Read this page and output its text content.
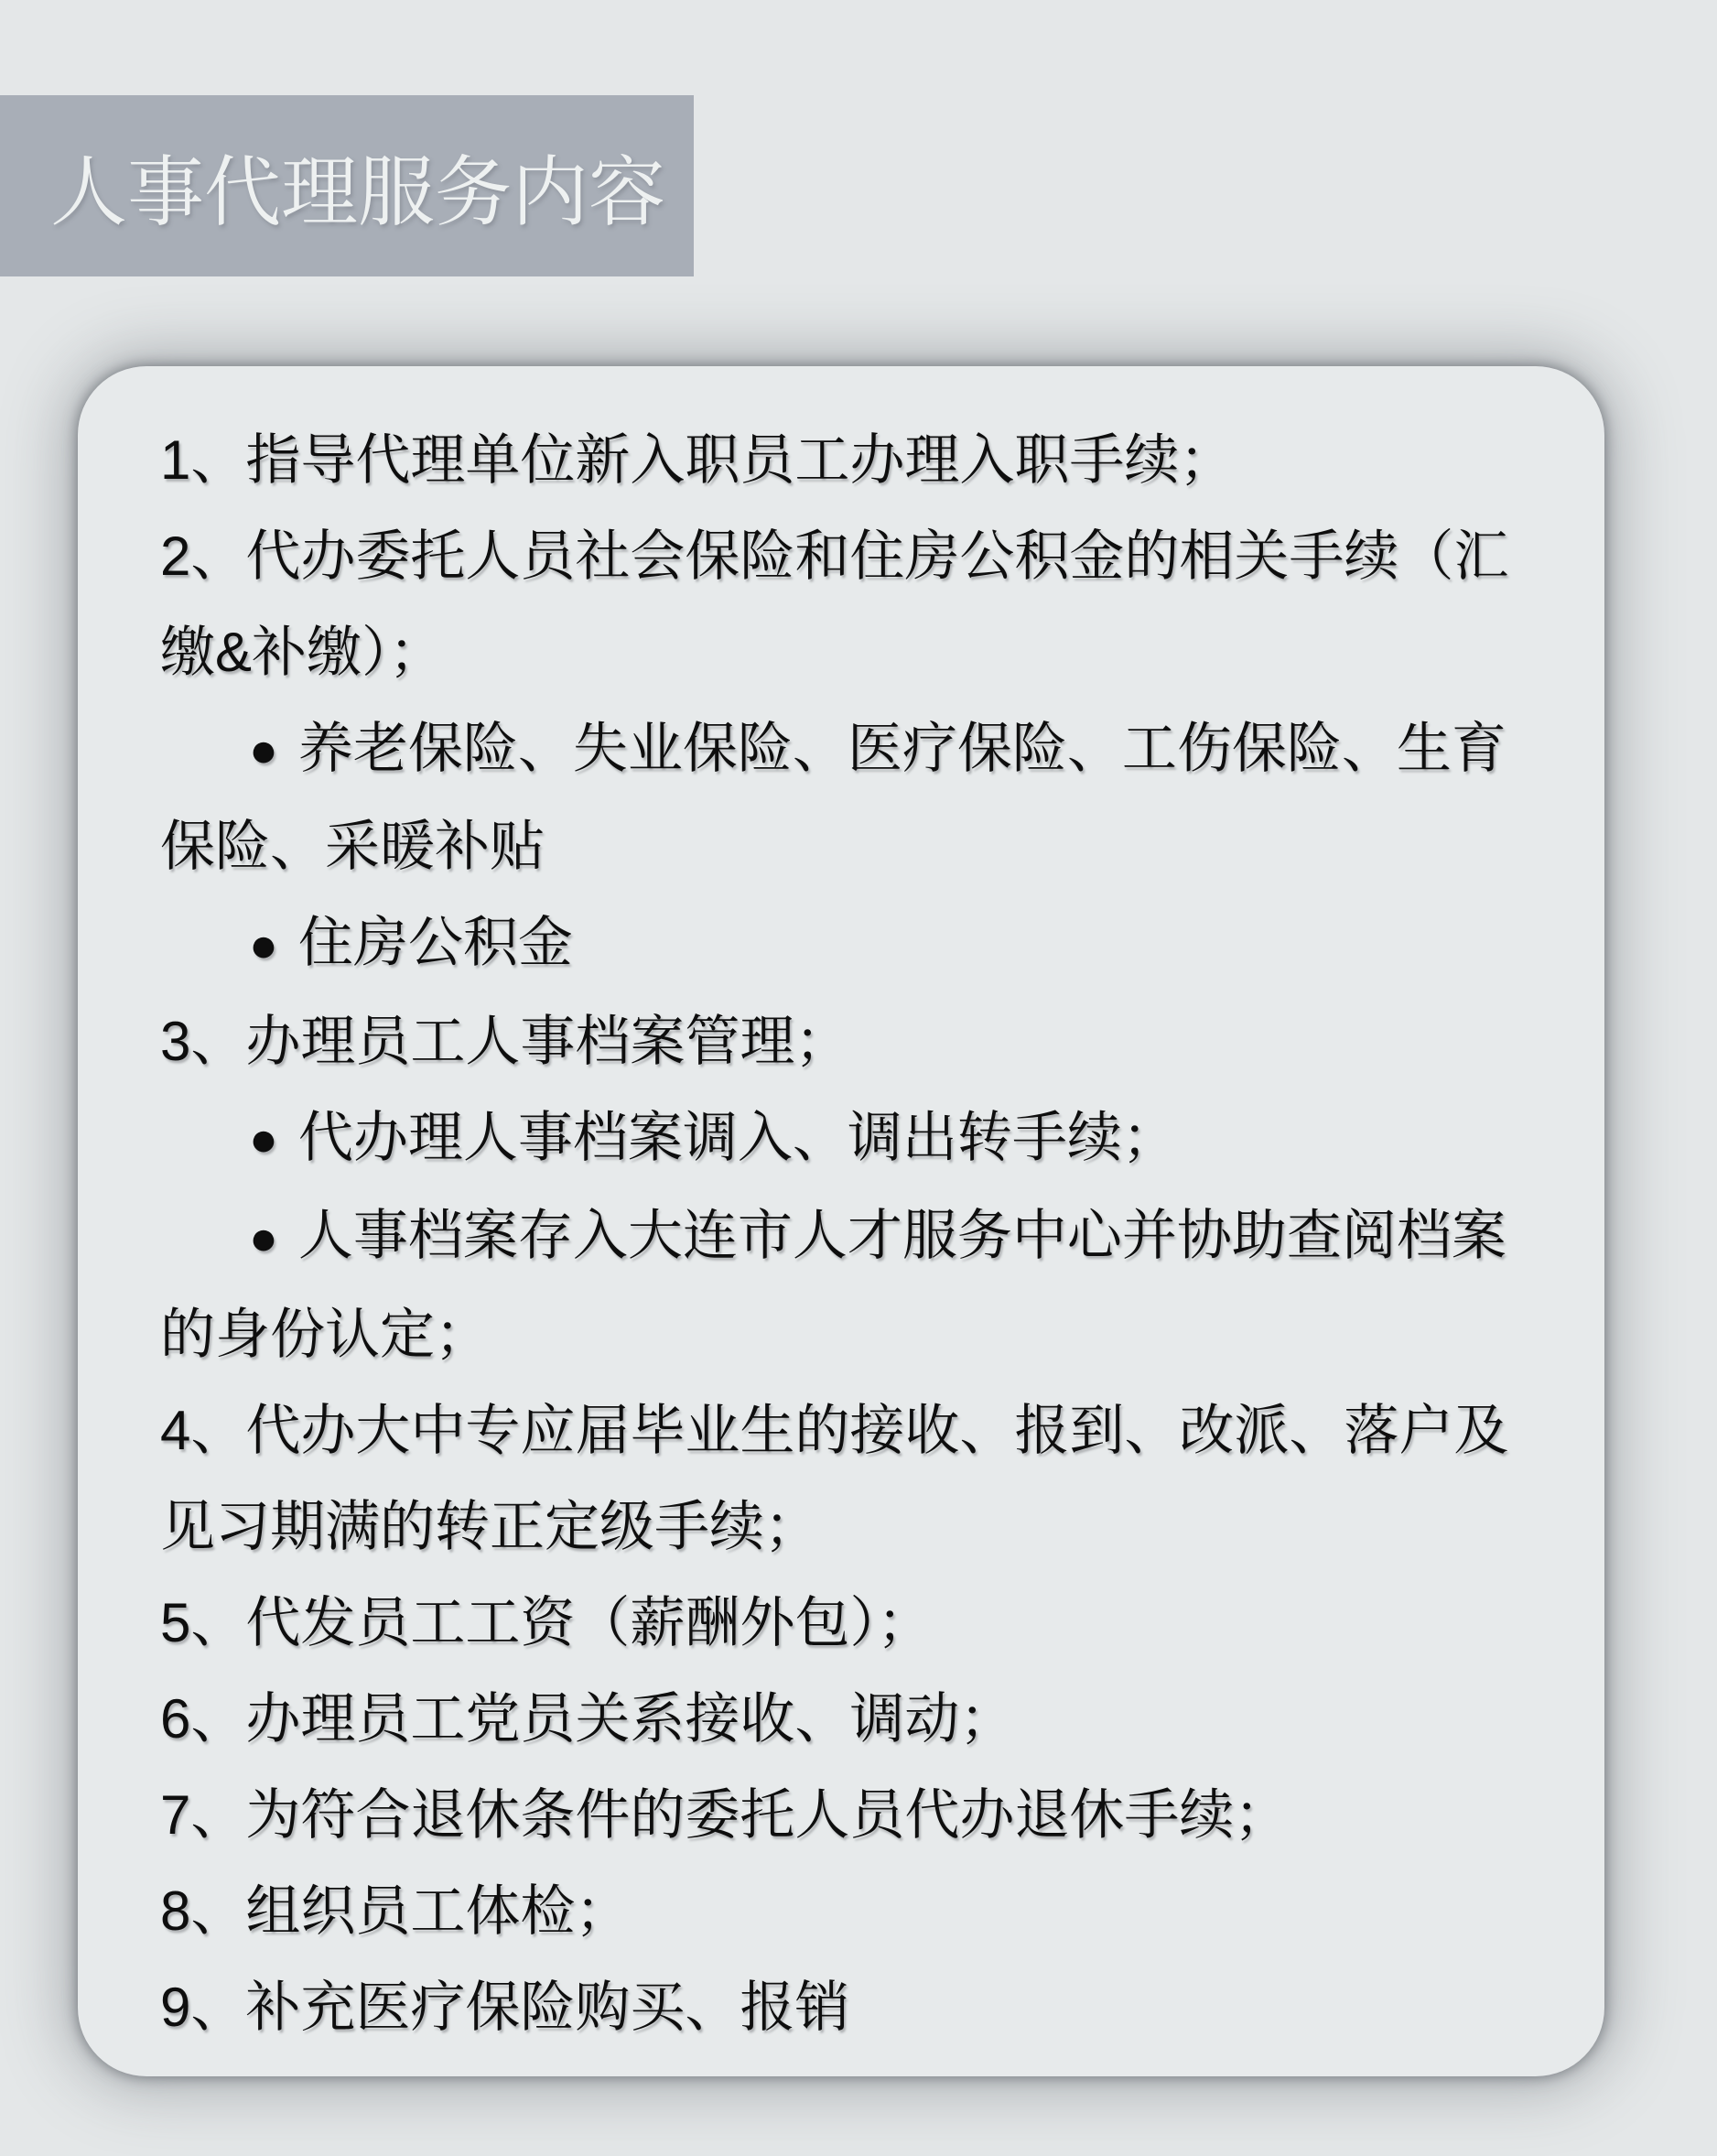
人事代理服务内容
1、指导代理单位新入职员工办理入职手续；
2、代办委托人员社会保险和住房公积金的相关手续（汇
缴&补缴）；
● 养老保险、失业保险、医疗保险、工伤保险、生育
保险、采暖补贴
● 住房公积金
3、办理员工人事档案管理；
● 代办理人事档案调入、调出转手续；
● 人事档案存入大连市人才服务中心并协助查阅档案
的身份认定；
4、代办大中专应届毕业生的接收、报到、改派、落户及
见习期满的转正定级手续；
5、代发员工工资（薪酬外包）；
6、办理员工党员关系接收、调动；
7、为符合退休条件的委托人员代办退休手续；
8、组织员工体检；
9、补充医疗保险购买、报销
